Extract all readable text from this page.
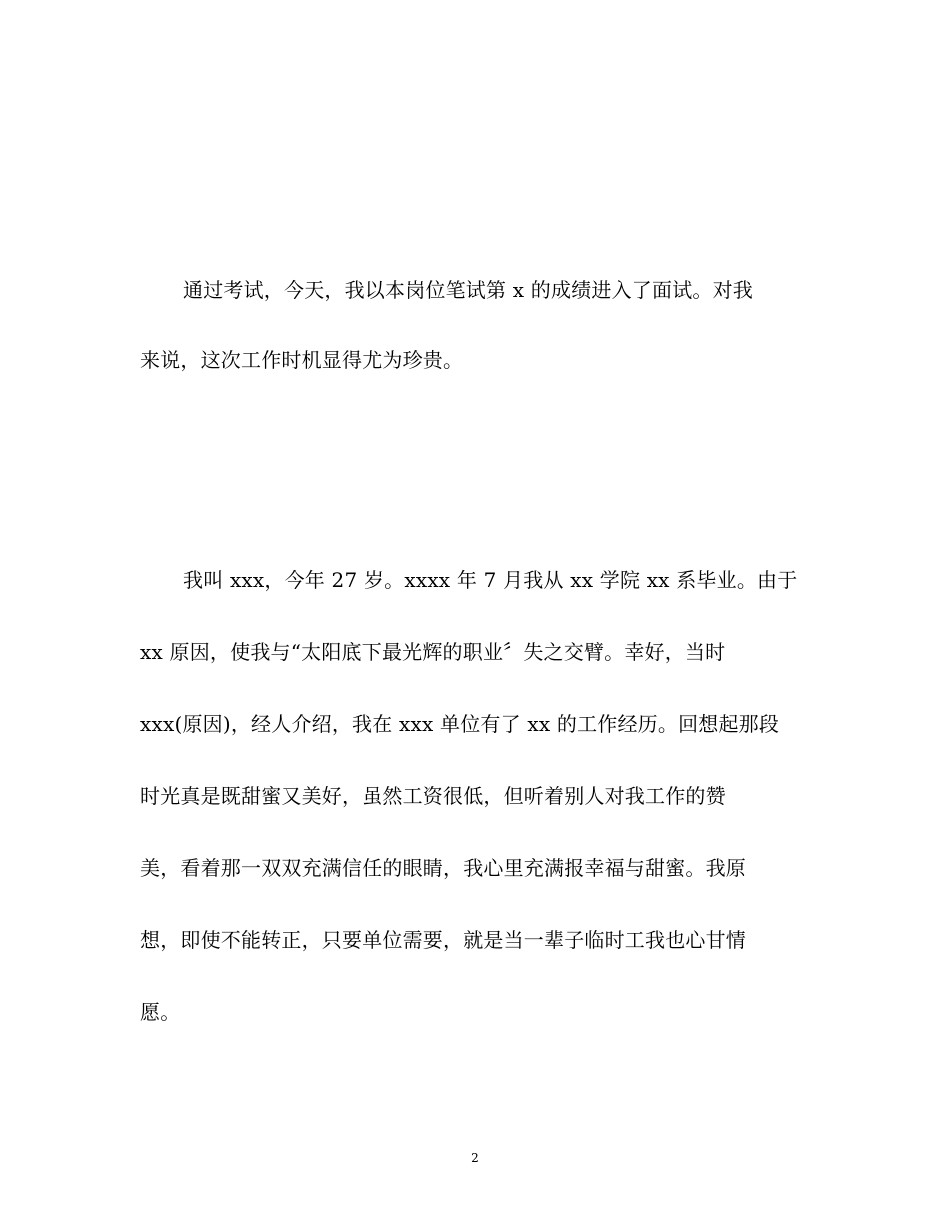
通过考试，今天，我以本岗位笔试第 x 的成绩进入了面试。对我
来说，这次工作时机显得尤为珍贵。
我叫 xxx，今年 27 岁。xxxx 年 7 月我从 xx 学院 xx 系毕业。由于
xx 原因，使我与“太阳底下最光辉的职业〞失之交臂。幸好，当时
xxx(原因)，经人介绍，我在 xxx 单位有了 xx 的工作经历。回想起那段
时光真是既甜蜜又美好，虽然工资很低，但听着别人对我工作的赞
美，看着那一双双充满信任的眼睛，我心里充满报幸福与甜蜜。我原
想，即使不能转正，只要单位需要，就是当一辈子临时工我也心甘情
愿。
2
